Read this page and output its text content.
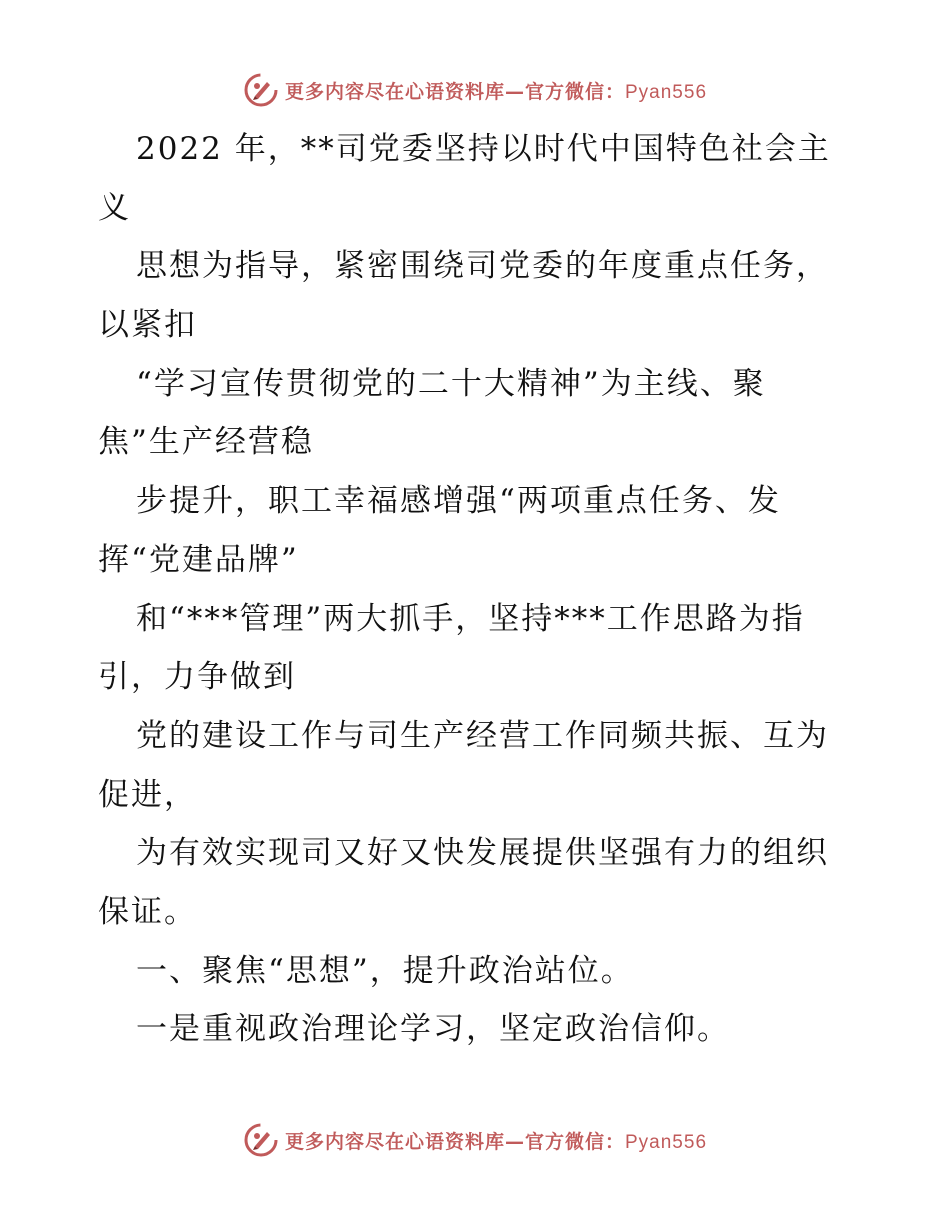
更多内容尽在心语资料库—官方微信：Pyan556
2022 年，**司党委坚持以时代中国特色社会主
义
思想为指导，紧密围绕司党委的年度重点任务，
以紧扣
“学习宣传贯彻党的二十大精神”为主线、聚
焦”生产经营稳
步提升，职工幸福感增强“两项重点任务、发
挥“党建品牌”
和“***管理”两大抓手，坚持***工作思路为指
引，力争做到
党的建设工作与司生产经营工作同频共振、互为
促进，
为有效实现司又好又快发展提供坚强有力的组织
保证。
一、聚焦“思想”，提升政治站位。
一是重视政治理论学习，坚定政治信仰。
更多内容尽在心语资料库—官方微信：Pyan556
